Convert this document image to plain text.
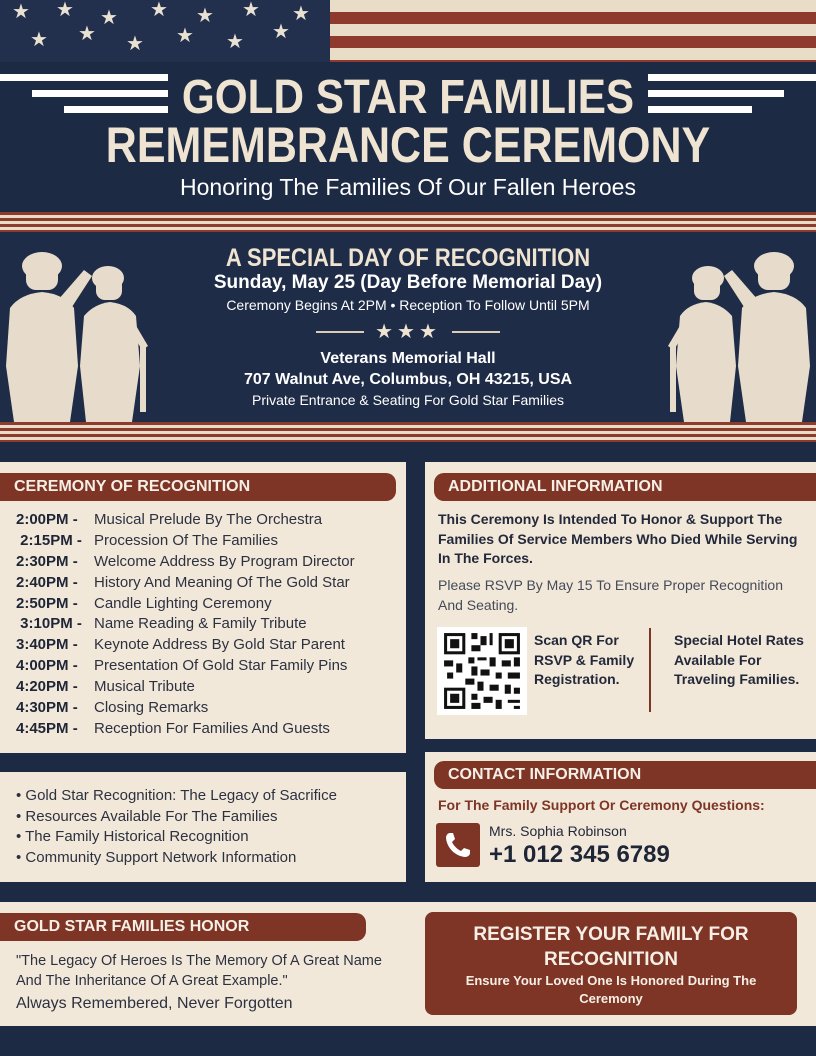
★ ★ ★ ★ ★ ★ ★
★ ★ ★ ★ ★ ★
GOLD STAR FAMILIES
REMEMBRANCE CEREMONY
Honoring The Families Of Our Fallen Heroes
A SPECIAL DAY OF RECOGNITION
Sunday, May 25 (Day Before Memorial Day)
Ceremony Begins At 2PM • Reception To Follow Until 5PM
★★★
Veterans Memorial Hall
707 Walnut Ave, Columbus, OH 43215, USA
Private Entrance & Seating For Gold Star Families
CEREMONY OF RECOGNITION
2:00PM - Musical Prelude By The Orchestra
2:15PM - Procession Of The Families
2:30PM - Welcome Address By Program Director
2:40PM - History And Meaning Of The Gold Star
2:50PM - Candle Lighting Ceremony
3:10PM - Name Reading & Family Tribute
3:40PM - Keynote Address By Gold Star Parent
4:00PM - Presentation Of Gold Star Family Pins
4:20PM - Musical Tribute
4:30PM - Closing Remarks
4:45PM - Reception For Families And Guests
• Gold Star Recognition: The Legacy of Sacrifice
• Resources Available For The Families
• The Family Historical Recognition
• Community Support Network Information
ADDITIONAL INFORMATION
This Ceremony Is Intended To Honor & Support The Families Of Service Members Who Died While Serving In The Forces.
Please RSVP By May 15 To Ensure Proper Recognition And Seating.
Scan QR For RSVP & Family Registration.
Special Hotel Rates Available For Traveling Families.
CONTACT INFORMATION
For The Family Support Or Ceremony Questions:
Mrs. Sophia Robinson
+1 012 345 6789
GOLD STAR FAMILIES HONOR
"The Legacy Of Heroes Is The Memory Of A Great Name And The Inheritance Of A Great Example."
Always Remembered, Never Forgotten
REGISTER YOUR FAMILY FOR RECOGNITION
Ensure Your Loved One Is Honored During The Ceremony
